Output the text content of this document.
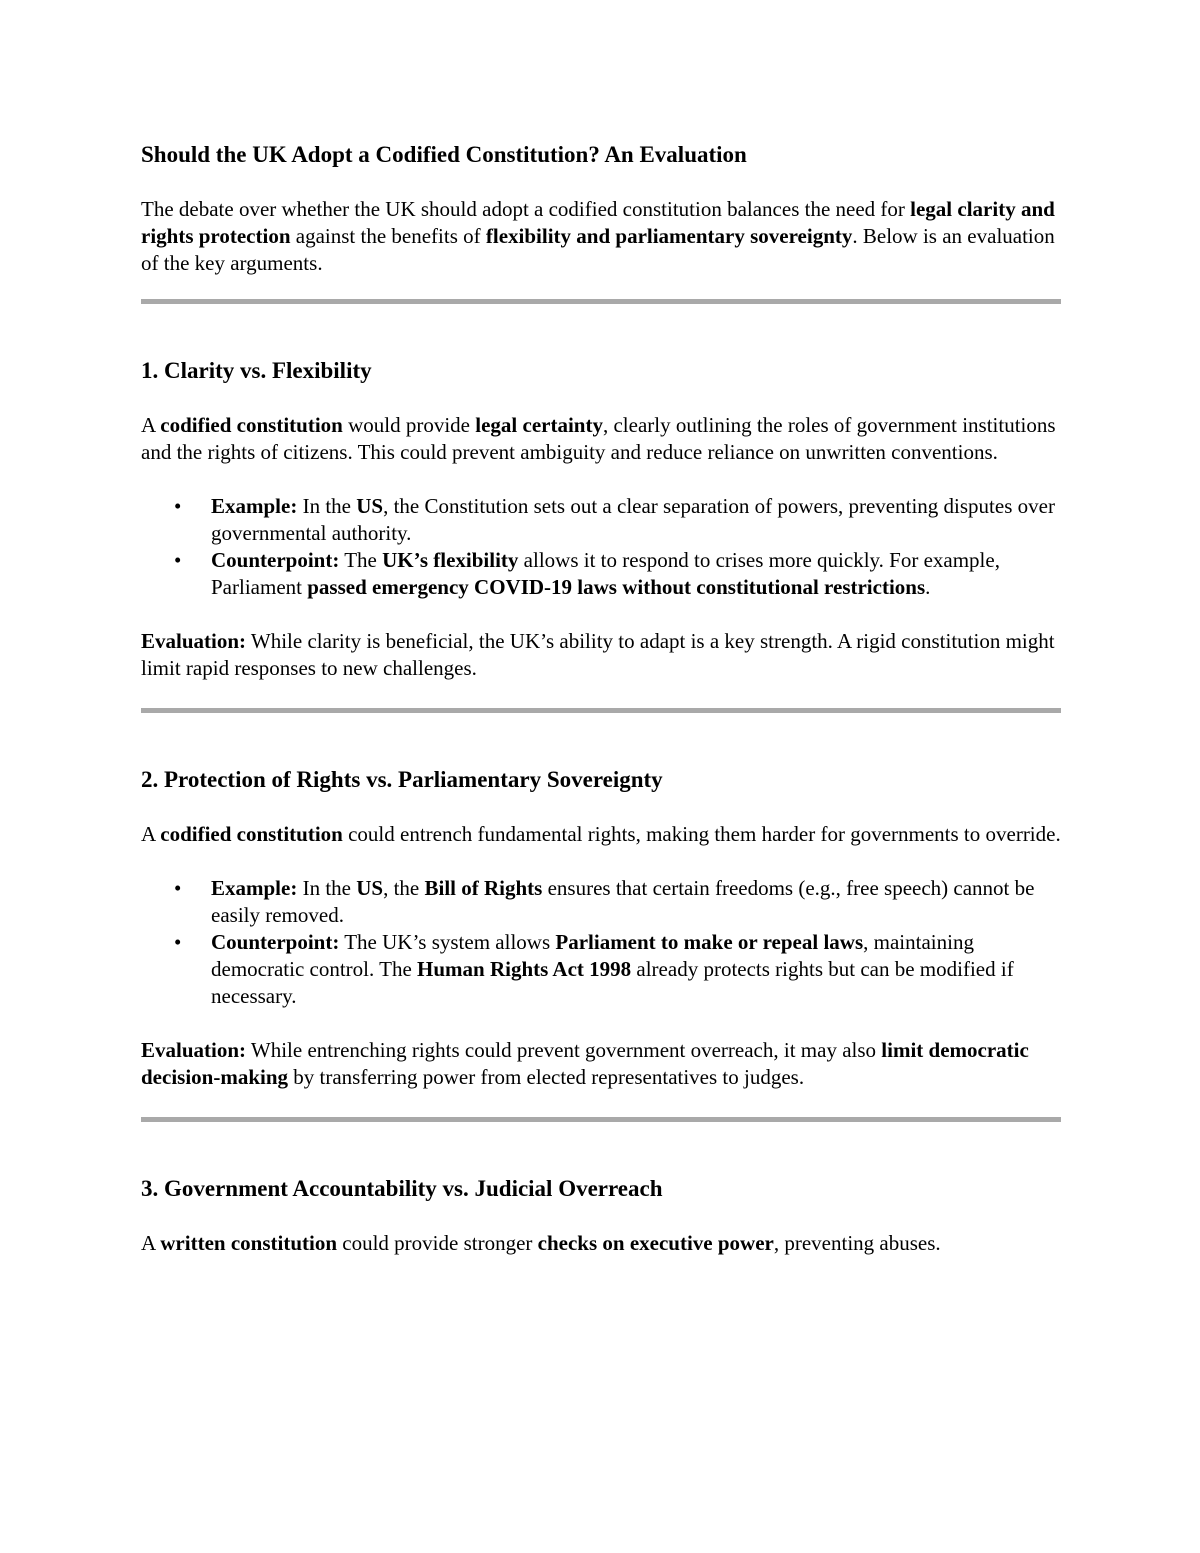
Should the UK Adopt a Codified Constitution? An Evaluation

The debate over whether the UK should adopt a codified constitution balances the need for legal clarity and rights protection against the benefits of flexibility and parliamentary sovereignty. Below is an evaluation of the key arguments.

1. Clarity vs. Flexibility

A codified constitution would provide legal certainty, clearly outlining the roles of government institutions and the rights of citizens. This could prevent ambiguity and reduce reliance on unwritten conventions.

• Example: In the US, the Constitution sets out a clear separation of powers, preventing disputes over governmental authority.
• Counterpoint: The UK’s flexibility allows it to respond to crises more quickly. For example, Parliament passed emergency COVID-19 laws without constitutional restrictions.

Evaluation: While clarity is beneficial, the UK’s ability to adapt is a key strength. A rigid constitution might limit rapid responses to new challenges.

2. Protection of Rights vs. Parliamentary Sovereignty

A codified constitution could entrench fundamental rights, making them harder for governments to override.

• Example: In the US, the Bill of Rights ensures that certain freedoms (e.g., free speech) cannot be easily removed.
• Counterpoint: The UK’s system allows Parliament to make or repeal laws, maintaining democratic control. The Human Rights Act 1998 already protects rights but can be modified if necessary.

Evaluation: While entrenching rights could prevent government overreach, it may also limit democratic decision-making by transferring power from elected representatives to judges.

3. Government Accountability vs. Judicial Overreach

A written constitution could provide stronger checks on executive power, preventing abuses.
